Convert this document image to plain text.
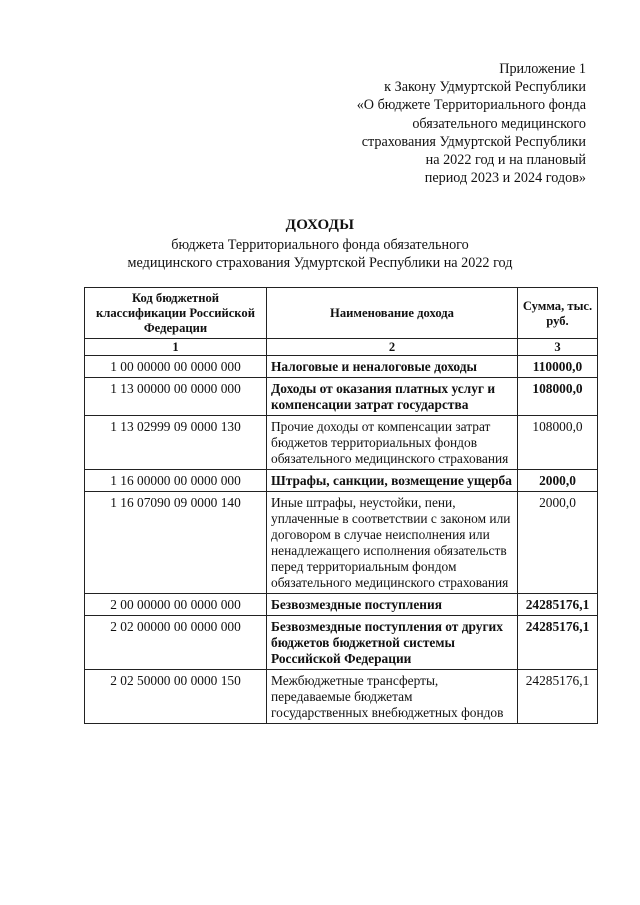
Приложение 1
к Закону Удмуртской Республики
«О бюджете Территориального фонда
обязательного медицинского
страхования Удмуртской Республики
на 2022 год и на плановый
период 2023 и 2024 годов»
ДОХОДЫ
бюджета Территориального фонда обязательного
медицинского страхования Удмуртской Республики на 2022 год
Код бюджетной классификации Российской Федерации	Наименование дохода	Сумма, тыс. руб.
1	2	3
1 00 00000 00 0000 000	Налоговые и неналоговые доходы	110000,0
1 13 00000 00 0000 000	Доходы от оказания платных услуг и компенсации затрат государства	108000,0
1 13 02999 09 0000 130	Прочие доходы от компенсации затрат бюджетов территориальных фондов обязательного медицинского страхования	108000,0
1 16 00000 00 0000 000	Штрафы, санкции, возмещение ущерба	2000,0
1 16 07090 09 0000 140	Иные штрафы, неустойки, пени, уплаченные в соответствии с законом или договором в случае неисполнения или ненадлежащего исполнения обязательств перед территориальным фондом обязательного медицинского страхования	2000,0
2 00 00000 00 0000 000	Безвозмездные поступления	24285176,1
2 02 00000 00 0000 000	Безвозмездные поступления от других бюджетов бюджетной системы Российской Федерации	24285176,1
2 02 50000 00 0000 150	Межбюджетные трансферты, передаваемые бюджетам государственных внебюджетных фондов	24285176,1
